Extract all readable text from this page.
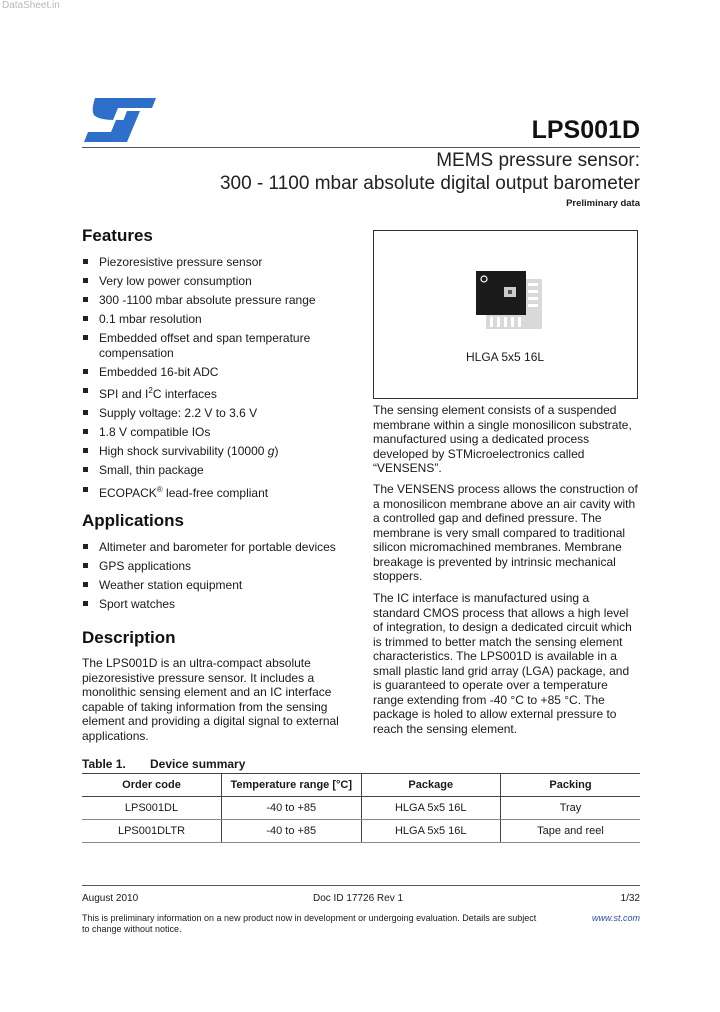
DataSheet.in
LPS001D
MEMS pressure sensor:
300 - 1100 mbar absolute digital output barometer
Preliminary data
Features
Piezoresistive pressure sensor
Very low power consumption
300 -1100 mbar absolute pressure range
0.1 mbar resolution
Embedded offset and span temperature compensation
Embedded 16-bit ADC
SPI and $I^2C$ interfaces
Supply voltage: 2.2 V to 3.6 V
1.8 V compatible IOs
High shock survivability (10000 g)
Small, thin package
ECOPACK® lead-free compliant
Applications
Altimeter and barometer for portable devices
GPS applications
Weather station equipment
Sport watches
Description

The LPS001D is an ultra-compact absolute piezoresistive pressure sensor. It includes a monolithic sensing element and an IC interface capable of taking information from the sensing element and providing a digital signal to external applications.

HLGA 5x5 16L

The sensing element consists of a suspended membrane within a single monosilicon substrate, manufactured using a dedicated process developed by STMicroelectronics called “VENSENS”.

The VENSENS process allows the construction of a monosilicon membrane above an air cavity with a controlled gap and defined pressure. The membrane is very small compared to traditional silicon micromachined membranes. Membrane breakage is prevented by intrinsic mechanical stoppers.

The IC interface is manufactured using a standard CMOS process that allows a high level of integration, to design a dedicated circuit which is trimmed to better match the sensing element characteristics. The LPS001D is available in a small plastic land grid array (LGA) package, and is guaranteed to operate over a temperature range extending from -40 °C to +85 °C. The package is holed to allow external pressure to reach the sensing element.

Table 1. Device summary
Order code	Temperature range [°C]	Package	Packing
LPS001DL	-40 to +85	HLGA 5x5 16L	Tray
LPS001DLTR	-40 to +85	HLGA 5x5 16L	Tape and reel
August 2010	Doc ID 17726 Rev 1	1/32
This is preliminary information on a new product now in development or undergoing evaluation. Details are subject to change without notice.
www.st.com
